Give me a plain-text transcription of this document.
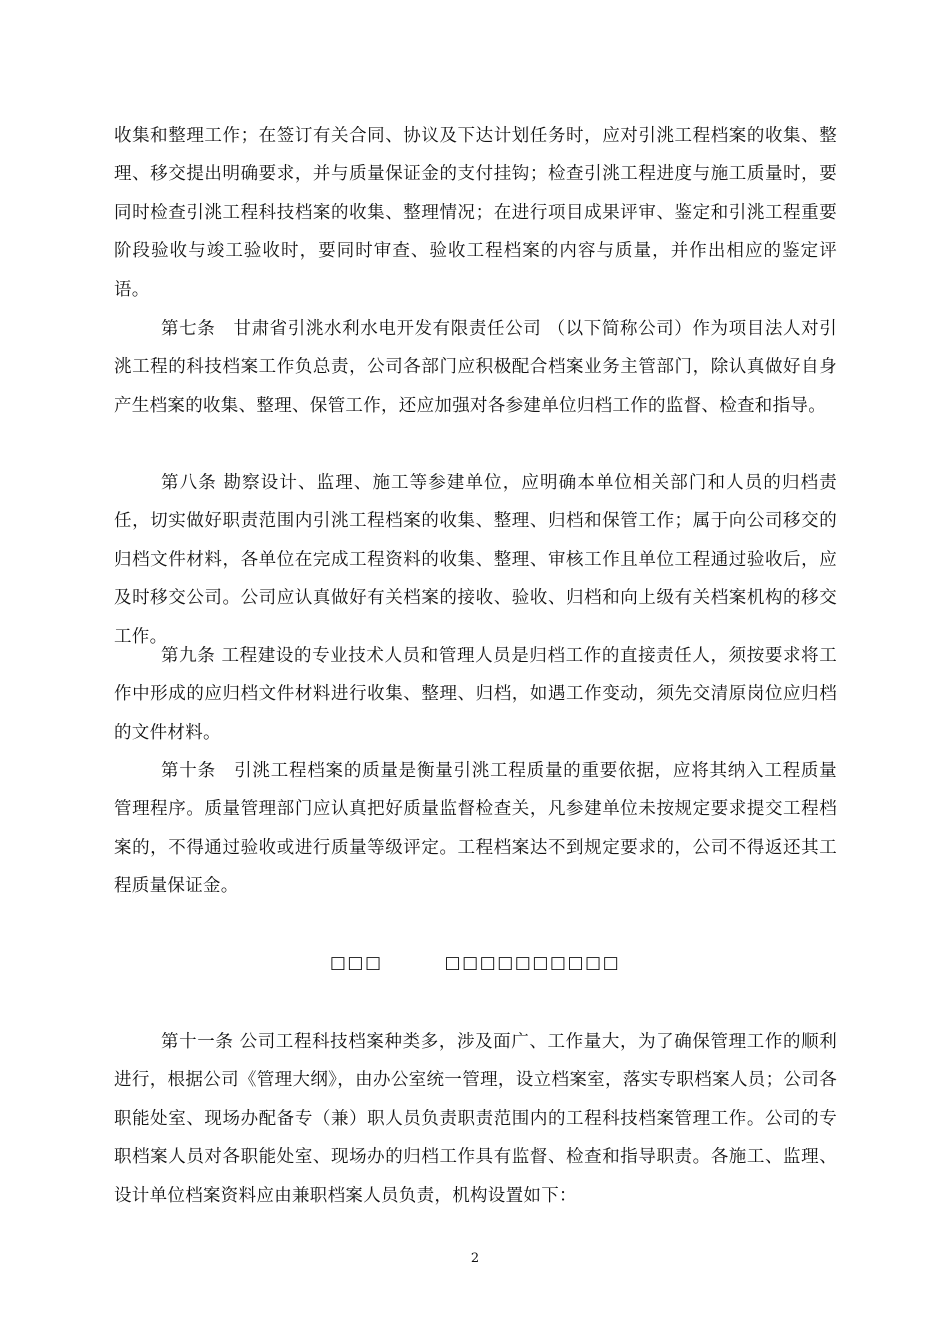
收集和整理工作；在签订有关合同、协议及下达计划任务时，应对引洮工程档案的收集、整理、移交提出明确要求，并与质量保证金的支付挂钩；检查引洮工程进度与施工质量时，要同时检查引洮工程科技档案的收集、整理情况；在进行项目成果评审、鉴定和引洮工程重要阶段验收与竣工验收时，要同时审查、验收工程档案的内容与质量，并作出相应的鉴定评语。

第七条　甘肃省引洮水利水电开发有限责任公司 （以下简称公司）作为项目法人对引洮工程的科技档案工作负总责，公司各部门应积极配合档案业务主管部门，除认真做好自身产生档案的收集、整理、保管工作，还应加强对各参建单位归档工作的监督、检查和指导。

第八条 勘察设计、监理、施工等参建单位，应明确本单位相关部门和人员的归档责任，切实做好职责范围内引洮工程档案的收集、整理、归档和保管工作；属于向公司移交的归档文件材料，各单位在完成工程资料的收集、整理、审核工作且单位工程通过验收后，应及时移交公司。公司应认真做好有关档案的接收、验收、归档和向上级有关档案机构的移交工作。

第九条 工程建设的专业技术人员和管理人员是归档工作的直接责任人，须按要求将工作中形成的应归档文件材料进行收集、整理、归档，如遇工作变动，须先交清原岗位应归档的文件材料。

第十条　引洮工程档案的质量是衡量引洮工程质量的重要依据，应将其纳入工程质量管理程序。质量管理部门应认真把好质量监督检查关，凡参建单位未按规定要求提交工程档案的，不得通过验收或进行质量等级评定。工程档案达不到规定要求的，公司不得返还其工程质量保证金。

□□□	□□□□□□□□□□

第十一条 公司工程科技档案种类多，涉及面广、工作量大，为了确保管理工作的顺利进行，根据公司《管理大纲》，由办公室统一管理，设立档案室，落实专职档案人员；公司各职能处室、现场办配备专（兼）职人员负责职责范围内的工程科技档案管理工作。公司的专职档案人员对各职能处室、现场办的归档工作具有监督、检查和指导职责。各施工、监理、设计单位档案资料应由兼职档案人员负责，机构设置如下：

2
